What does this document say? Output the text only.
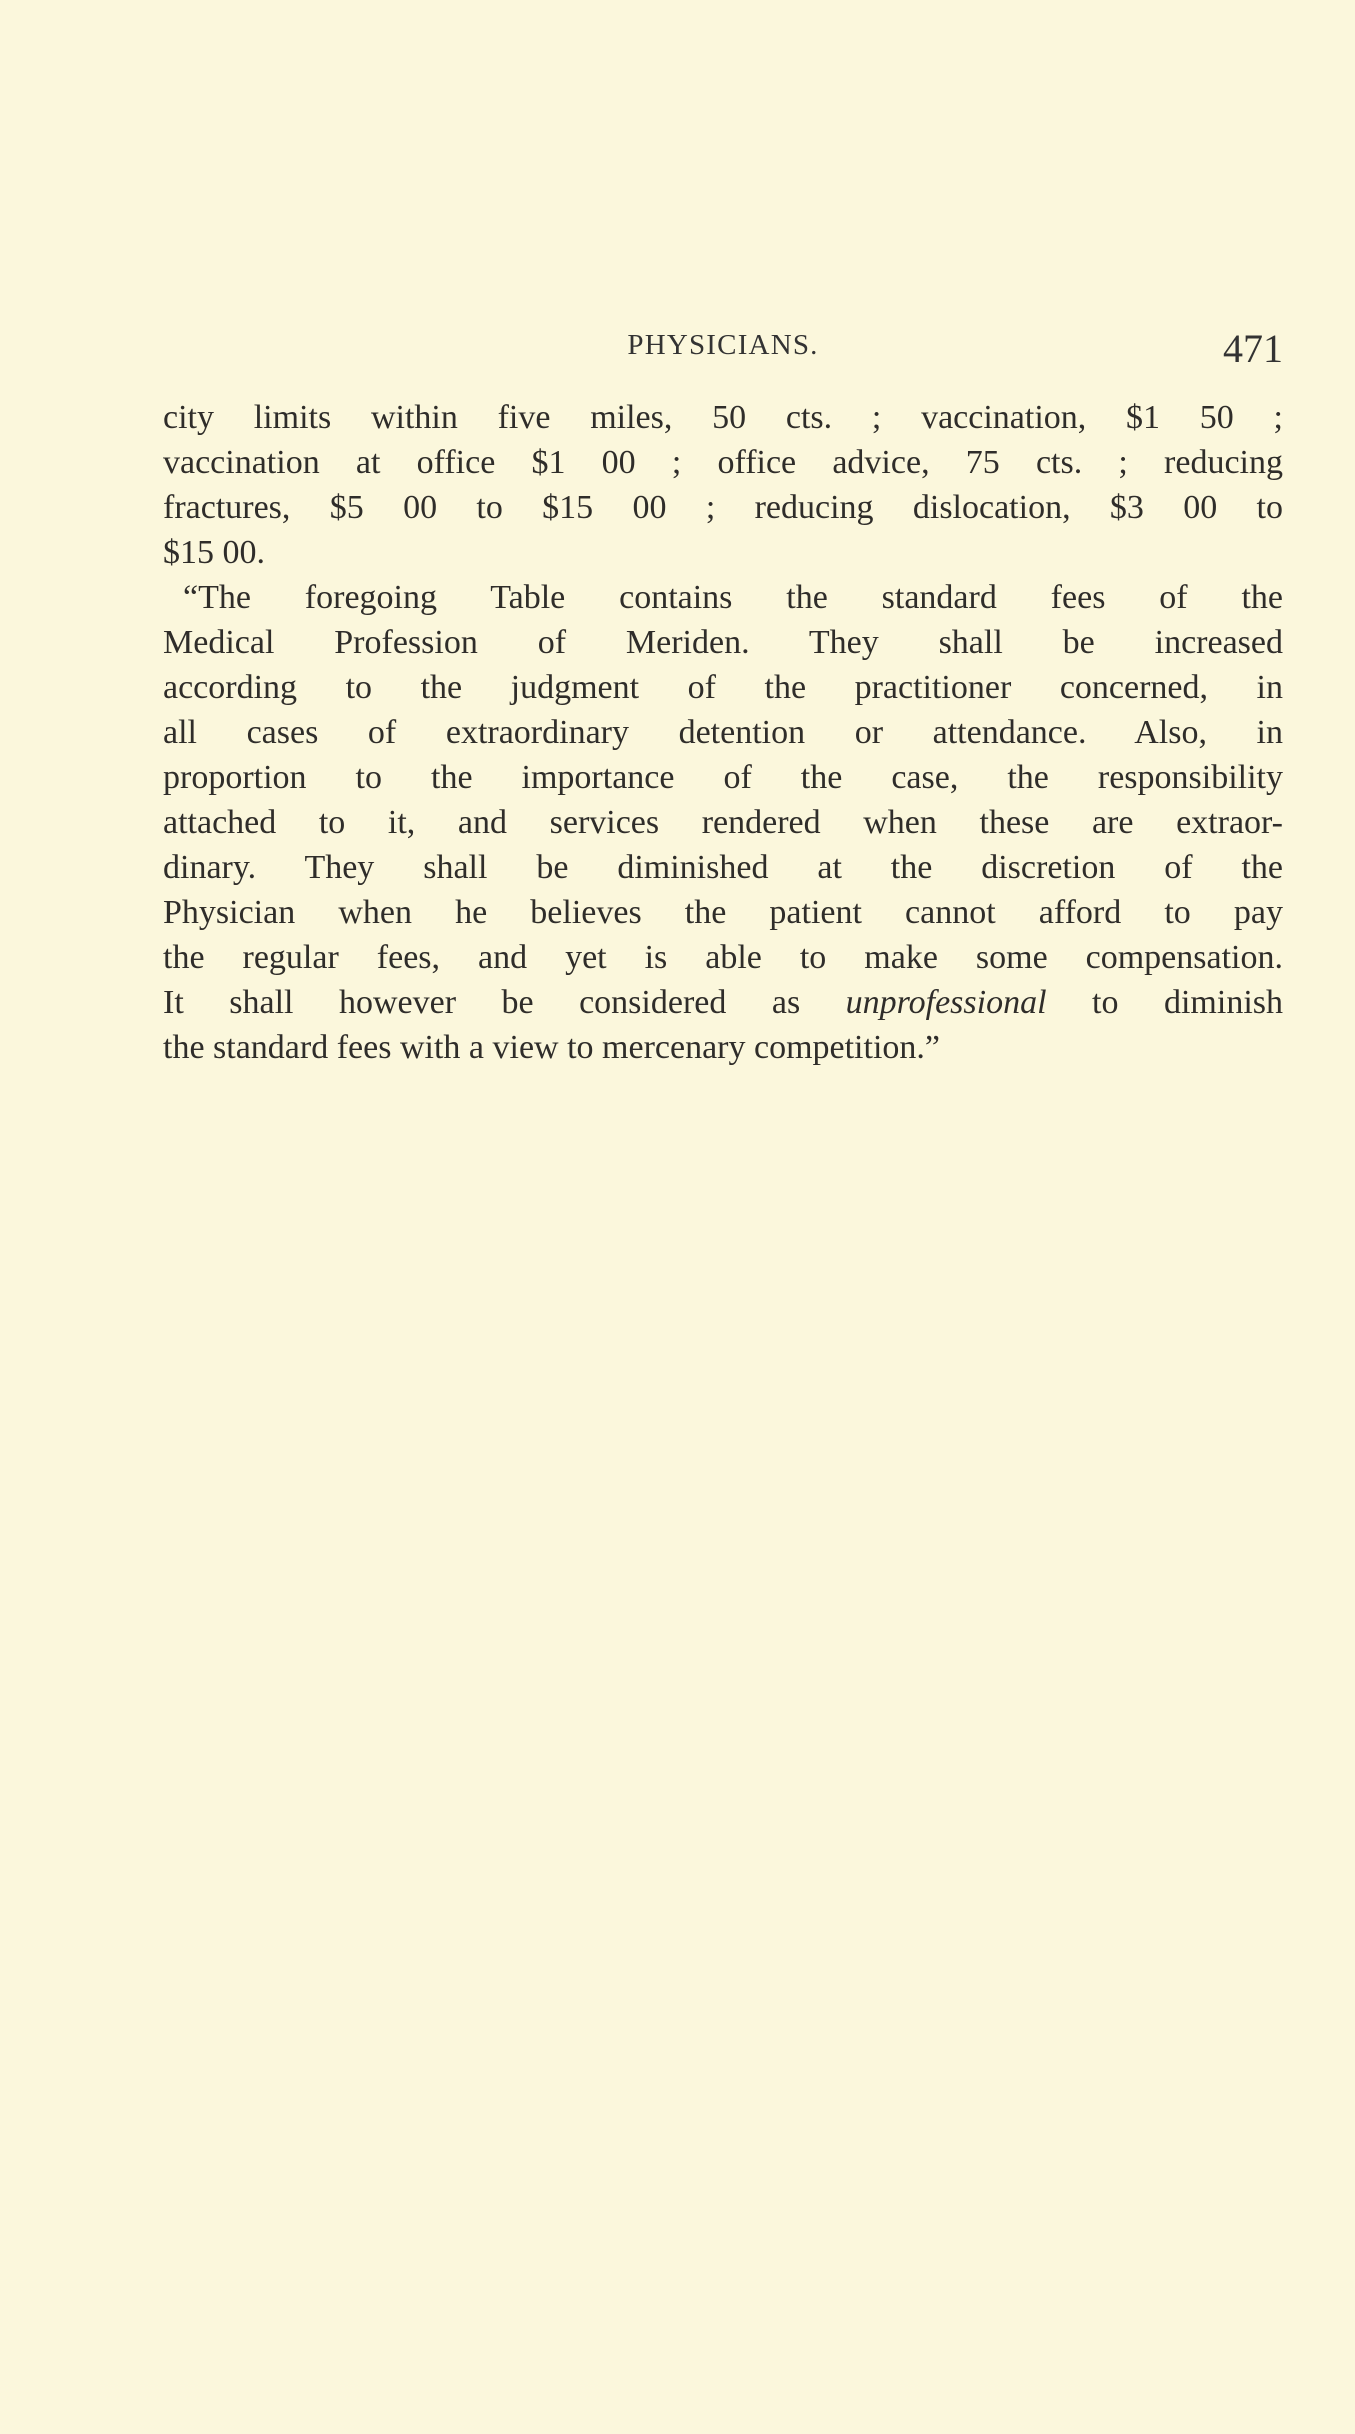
PHYSICIANS.	471
city limits within five miles, 50 cts. ; vaccination, $1 50 ;
vaccination at office $1 00 ; office advice, 75 cts. ; reducing
fractures, $5 00 to $15 00 ; reducing dislocation, $3 00 to
$15 00.
“The foregoing Table contains the standard fees of the
Medical Profession of Meriden. They shall be increased
according to the judgment of the practitioner concerned, in
all cases of extraordinary detention or attendance. Also, in
proportion to the importance of the case, the responsibility
attached to it, and services rendered when these are extraor-
dinary. They shall be diminished at the discretion of the
Physician when he believes the patient cannot afford to pay
the regular fees, and yet is able to make some compensation.
It shall however be considered as unprofessional to diminish
the standard fees with a view to mercenary competition.”
